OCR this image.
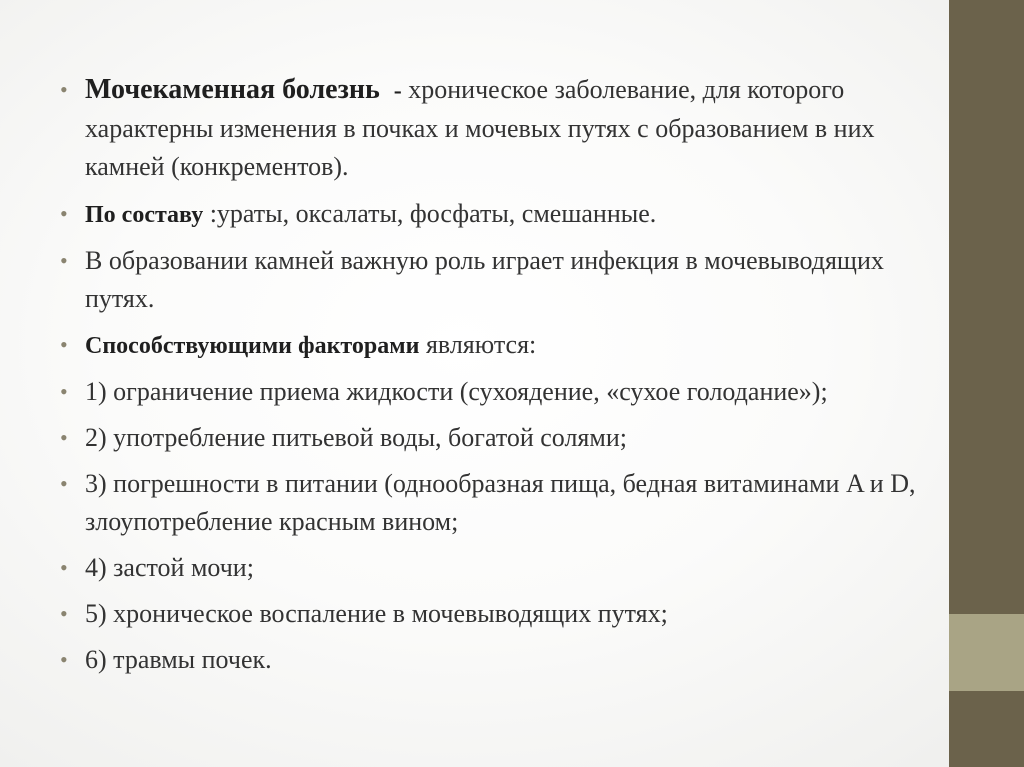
• Мочекаменная болезнь - хроническое заболевание, для которого характерны изменения в почках и мочевых путях с образованием в них камней (конкрементов).
• По составу :ураты, оксалаты, фосфаты, смешанные.
• В образовании камней важную роль играет инфекция в мочевыводящих путях.
• Способствующими факторами являются:
• 1) ограничение приема жидкости (сухоядение, «сухое голодание»);
• 2) употребление питьевой воды, богатой солями;
• 3) погрешности в питании (однообразная пища, бедная витаминами A и D, злоупотребление красным вином;
• 4) застой мочи;
• 5) хроническое воспаление в мочевыводящих путях;
• 6) травмы почек.
